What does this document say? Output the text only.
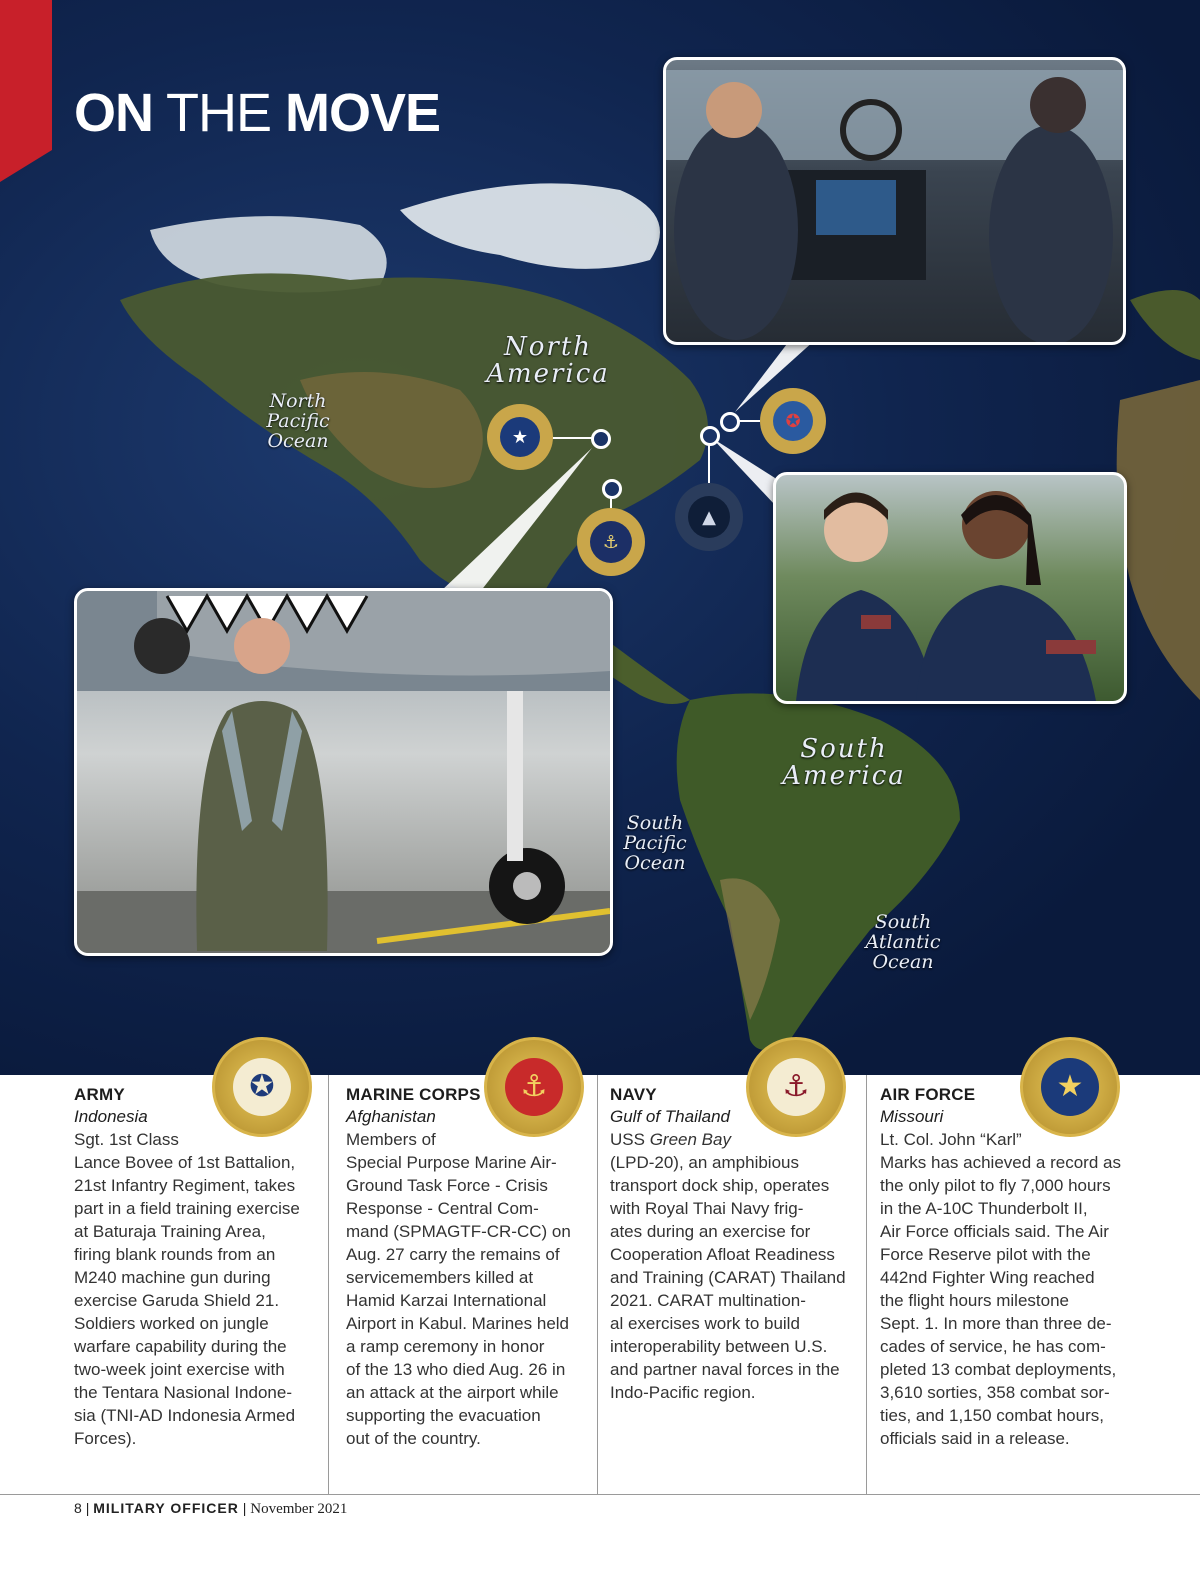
ON THE MOVE
North
America
South
America
North
Pacific
Ocean
South
Pacific
Ocean
South
Atlantic
Ocean
★
⚓
▲
✪
✪	⚓	⚓	★
ARMY
Indonesia

Sgt. 1st Class
Lance Bovee of 1st Battalion,
21st Infantry Regiment, takes
part in a field training exercise
at Baturaja Training Area,
firing blank rounds from an
M240 machine gun during
exercise Garuda Shield 21.
Soldiers worked on jungle
warfare capability during the
two-week joint exercise with
the Tentara Nasional Indone-
sia (TNI-AD Indonesia Armed
Forces).

MARINE CORPS
Afghanistan

Members of
Special Purpose Marine Air-
Ground Task Force - Crisis
Response - Central Com-
mand (SPMAGTF-CR-CC) on
Aug. 27 carry the remains of
servicemembers killed at
Hamid Karzai International
Airport in Kabul. Marines held
a ramp ceremony in honor
of the 13 who died Aug. 26 in
an attack at the airport while
supporting the evacuation
out of the country.

NAVY
Gulf of Thailand

USS Green Bay

(LPD-20), an amphibious
transport dock ship, operates
with Royal Thai Navy frig-
ates during an exercise for
Cooperation Afloat Readiness
and Training (CARAT) Thailand
2021. CARAT multination-
al exercises work to build
interoperability between U.S.
and partner naval forces in the
Indo-Pacific region.

AIR FORCE
Missouri

Lt. Col. John “Karl”
Marks has achieved a record as
the only pilot to fly 7,000 hours
in the A-10C Thunderbolt II,
Air Force officials said. The Air
Force Reserve pilot with the
442nd Fighter Wing reached
the flight hours milestone
Sept. 1. In more than three de-
cades of service, he has com-
pleted 13 combat deployments,
3,610 sorties, 358 combat sor-
ties, and 1,150 combat hours,
officials said in a release.

8 | MILITARY OFFICER | November 2021
